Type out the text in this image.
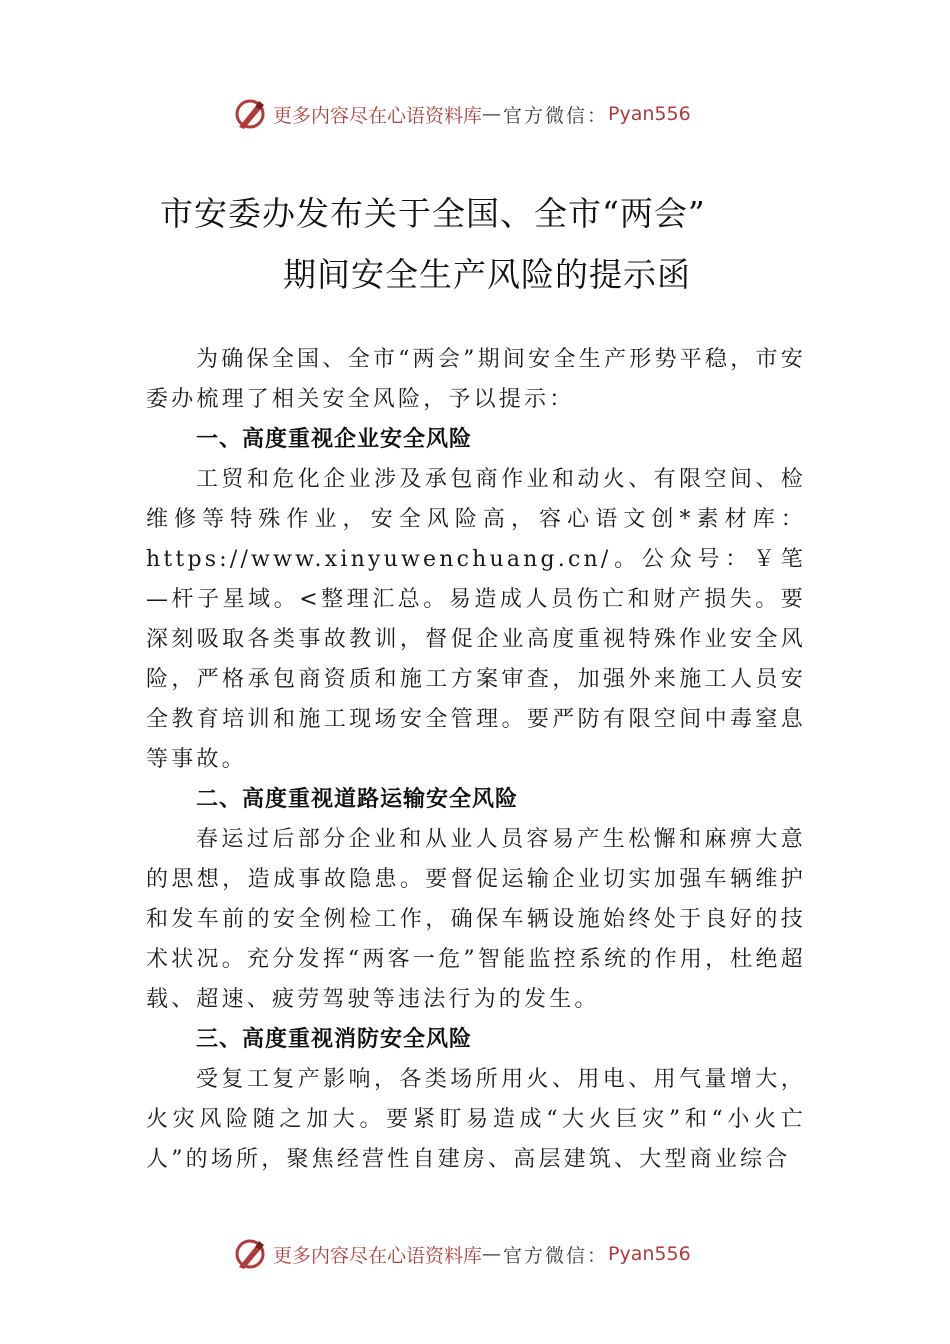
更多内容尽在心语资料库 — 官方微信： Pyan556
市安委办发布关于全国、全市“两会”
期间安全生产风险的提示函

为确保全国、全市“两会”期间安全生产形势平稳，市安委办梳理了相关安全风险，予以提示：

一、高度重视企业安全风险

工贸和危化企业涉及承包商作业和动火、有限空间、检维修等特殊作业，安全风险高，容心语文创*素材库：https://www.xinyuwenchuang.cn/。公众号：￥笔—杆子星域。<整理汇总。易造成人员伤亡和财产损失。要深刻吸取各类事故教训，督促企业高度重视特殊作业安全风险，严格承包商资质和施工方案审查，加强外来施工人员安全教育培训和施工现场安全管理。要严防有限空间中毒窒息等事故。

二、高度重视道路运输安全风险

春运过后部分企业和从业人员容易产生松懈和麻痹大意的思想，造成事故隐患。要督促运输企业切实加强车辆维护和发车前的安全例检工作，确保车辆设施始终处于良好的技术状况。充分发挥“两客一危”智能监控系统的作用，杜绝超载、超速、疲劳驾驶等违法行为的发生。

三、高度重视消防安全风险

受复工复产影响，各类场所用火、用电、用气量增大，火灾风险随之加大。要紧盯易造成“大火巨灾”和“小火亡人”的场所，聚焦经营性自建房、高层建筑、大型商业综合

更多内容尽在心语资料库 — 官方微信： Pyan556
